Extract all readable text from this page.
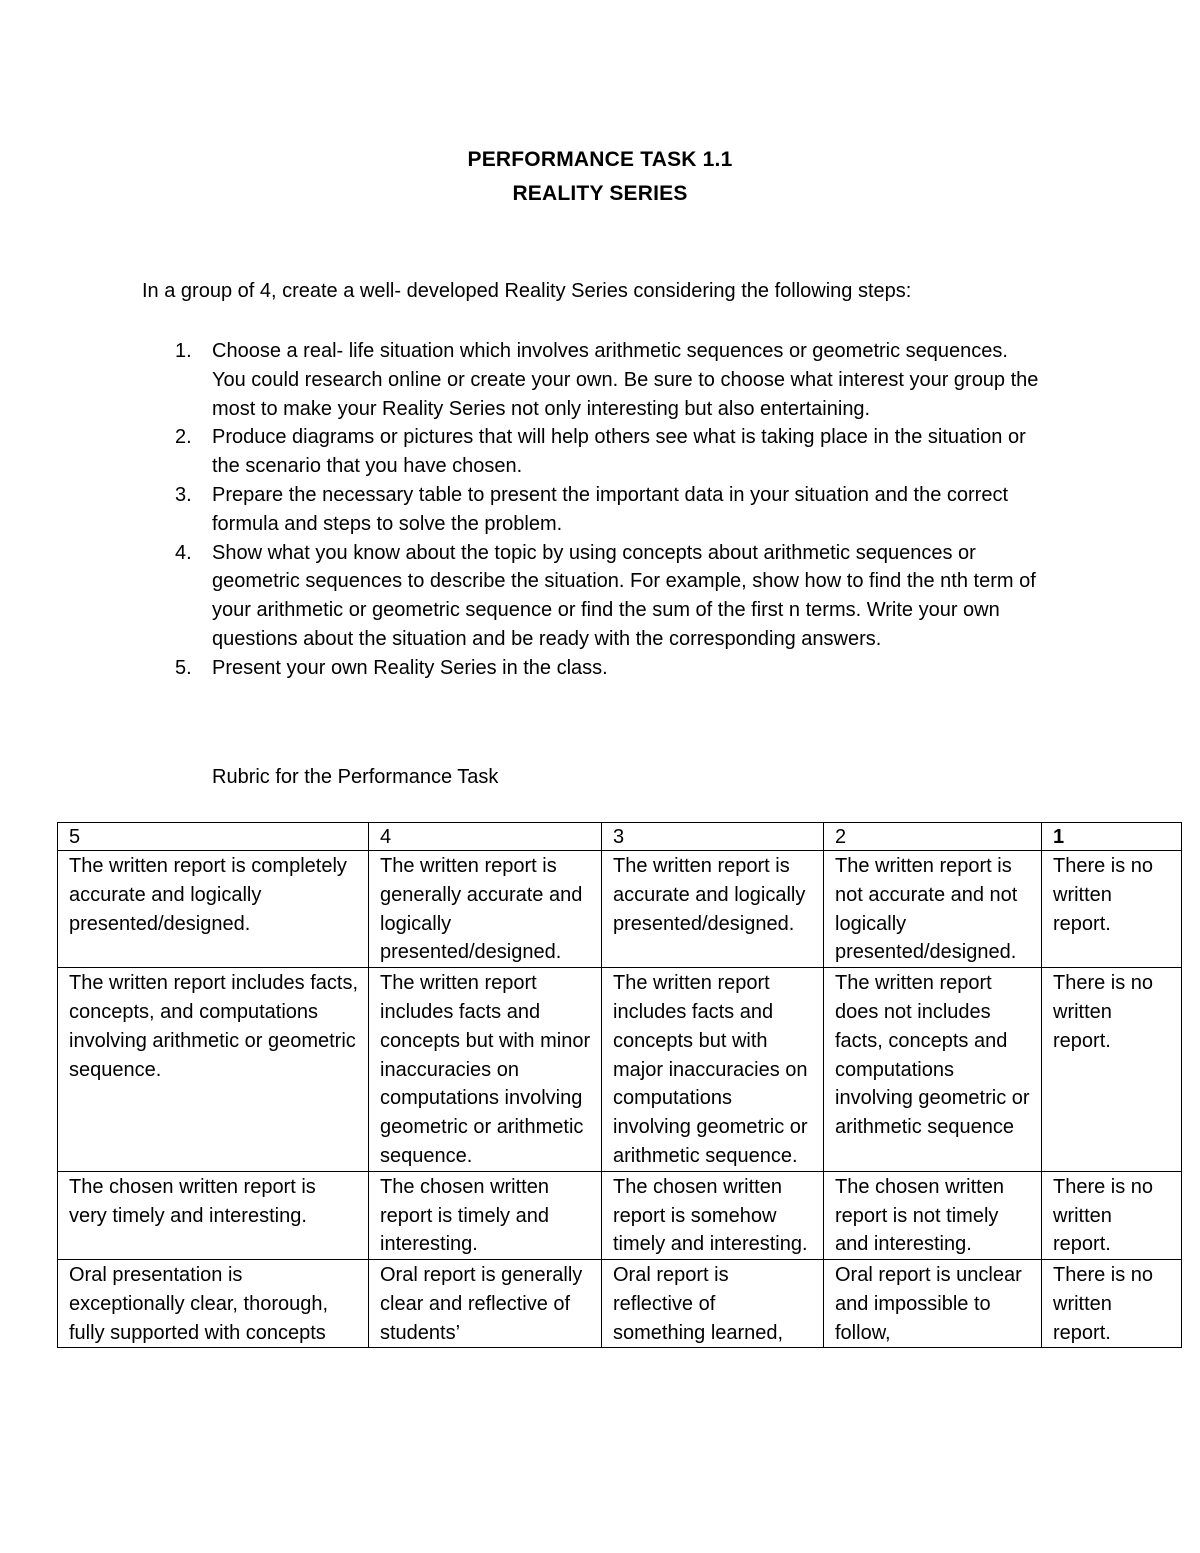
PERFORMANCE TASK 1.1
REALITY SERIES
In a group of 4, create a well- developed Reality Series considering the following steps:
1. Choose a real- life situation which involves arithmetic sequences or geometric sequences. You could research online or create your own. Be sure to choose what interest your group the most to make your Reality Series not only interesting but also entertaining.
2. Produce diagrams or pictures that will help others see what is taking place in the situation or the scenario that you have chosen.
3. Prepare the necessary table to present the important data in your situation and the correct formula and steps to solve the problem.
4. Show what you know about the topic by using concepts about arithmetic sequences or geometric sequences to describe the situation. For example, show how to find the nth term of your arithmetic or geometric sequence or find the sum of the first n terms. Write your own questions about the situation and be ready with the corresponding answers.
5. Present your own Reality Series in the class.
Rubric for the Performance Task
5	4	3	2	1
The written report is completely accurate and logically presented/designed.	The written report is generally accurate and logically presented/designed.	The written report is accurate and logically presented/designed.	The written report is not accurate and not logically presented/designed.	There is no written report.
The written report includes facts, concepts, and computations involving arithmetic or geometric sequence.	The written report includes facts and concepts but with minor inaccuracies on computations involving geometric or arithmetic sequence.	The written report includes facts and concepts but with major inaccuracies on computations involving geometric or arithmetic sequence.	The written report does not includes facts, concepts and computations involving geometric or arithmetic sequence	There is no written report.
The chosen written report is very timely and interesting.	The chosen written report is timely and interesting.	The chosen written report is somehow timely and interesting.	The chosen written report is not timely and interesting.	There is no written report.

Oral presentation is exceptionally clear, thorough, fully supported with concepts	Oral report is generally clear and reflective of students’	Oral report is reflective of something learned,	Oral report is unclear and impossible to follow,	There is no written report.
